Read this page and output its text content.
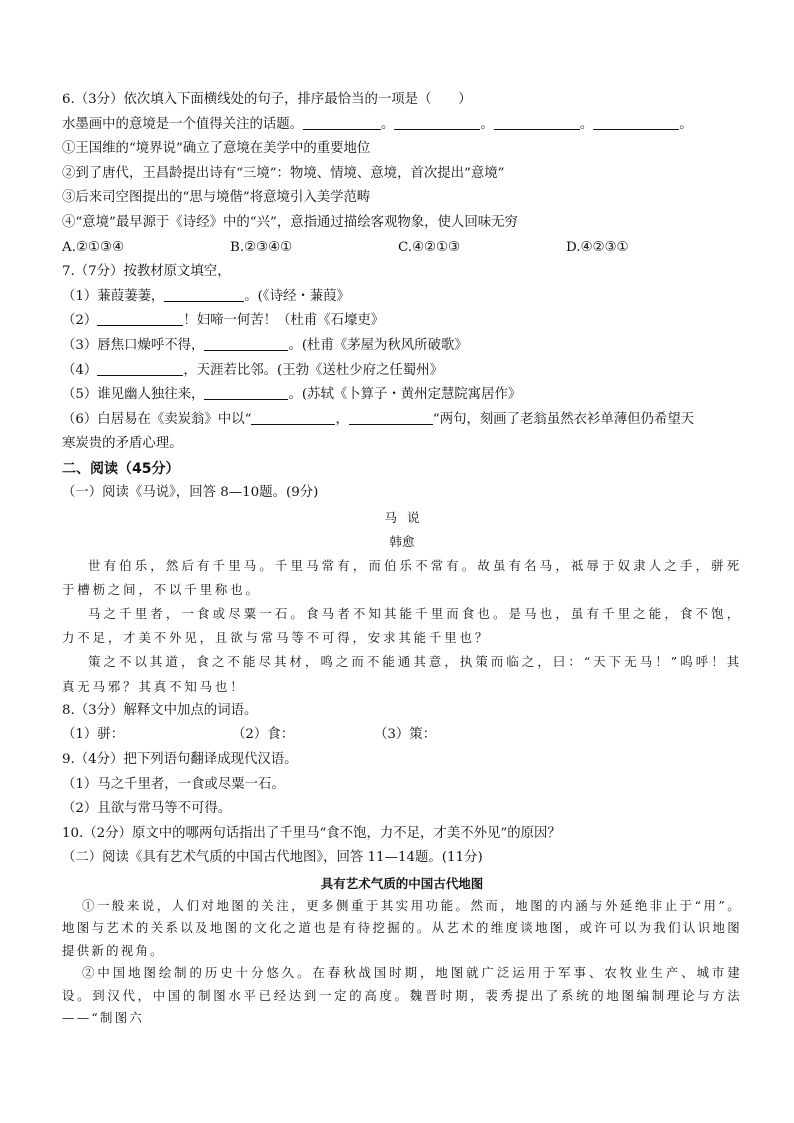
6.（3分）依次填入下面横线处的句子，排序最恰当的一项是（　　）
水墨画中的意境是一个值得关注的话题。	。	。	。	。
①王国维的“境界说”确立了意境在美学中的重要地位
②到了唐代，王昌龄提出诗有“三境”：物境、情境、意境，首次提出“意境”
③后来司空图提出的“思与境偕”将意境引入美学范畴
④“意境”最早源于《诗经》中的“兴”，意指通过描绘客观物象，使人回味无穷
A.②①③④	B.②③④①	C.④②①③	D.④②③①
7.（7分）按教材原文填空，
（1）蒹葭萋萋，	。(《诗经・蒹葭》
（2）	！妇啼一何苦！（杜甫《石壕吏》
（3）唇焦口燥呼不得，	。(杜甫《茅屋为秋风所破歌》
（4）	，天涯若比邻。(王勃《送杜少府之任蜀州》
（5）谁见幽人独往来，	。(苏轼《卜算子・黄州定慧院寓居作》
（6）白居易在《卖炭翁》中以“	，	”两句，刻画了老翁虽然衣衫单薄但仍希望天
寒炭贵的矛盾心理。
二、阅读（45分）
（一）阅读《马说》，回答 8—10题。(9分)
马说
韩愈
世有伯乐，然后有千里马。千里马常有，而伯乐不常有。故虽有名马，祗辱于奴隶人之手，骈死于槽枥之间，不以千里称也。
马之千里者，一食或尽粟一石。食马者不知其能千里而食也。是马也，虽有千里之能，食不饱，力不足，才美不外见，且欲与常马等不可得，安求其能千里也？
策之不以其道，食之不能尽其材，鸣之而不能通其意，执策而临之，曰：“天下无马！”呜呼！其真无马邪？其真不知马也！
8.（3分）解释文中加点的词语。
（1）骈：	（2）食：	（3）策：
9.（4分）把下列语句翻译成现代汉语。
（1）马之千里者，一食或尽粟一石。
（2）且欲与常马等不可得。
10.（2分）原文中的哪两句话指出了千里马“食不饱，力不足，才美不外见”的原因？
（二）阅读《具有艺术气质的中国古代地图》，回答 11—14题。(11分)
具有艺术气质的中国古代地图
①一般来说，人们对地图的关注，更多侧重于其实用功能。然而，地图的内涵与外延绝非止于“用”。地图与艺术的关系以及地图的文化之道也是有待挖掘的。从艺术的维度谈地图，或许可以为我们认识地图提供新的视角。
②中国地图绘制的历史十分悠久。在春秋战国时期，地图就广泛运用于军事、农牧业生产、城市建设。到汉代，中国的制图水平已经达到一定的高度。魏晋时期，裴秀提出了系统的地图编制理论与方法——“制图六
